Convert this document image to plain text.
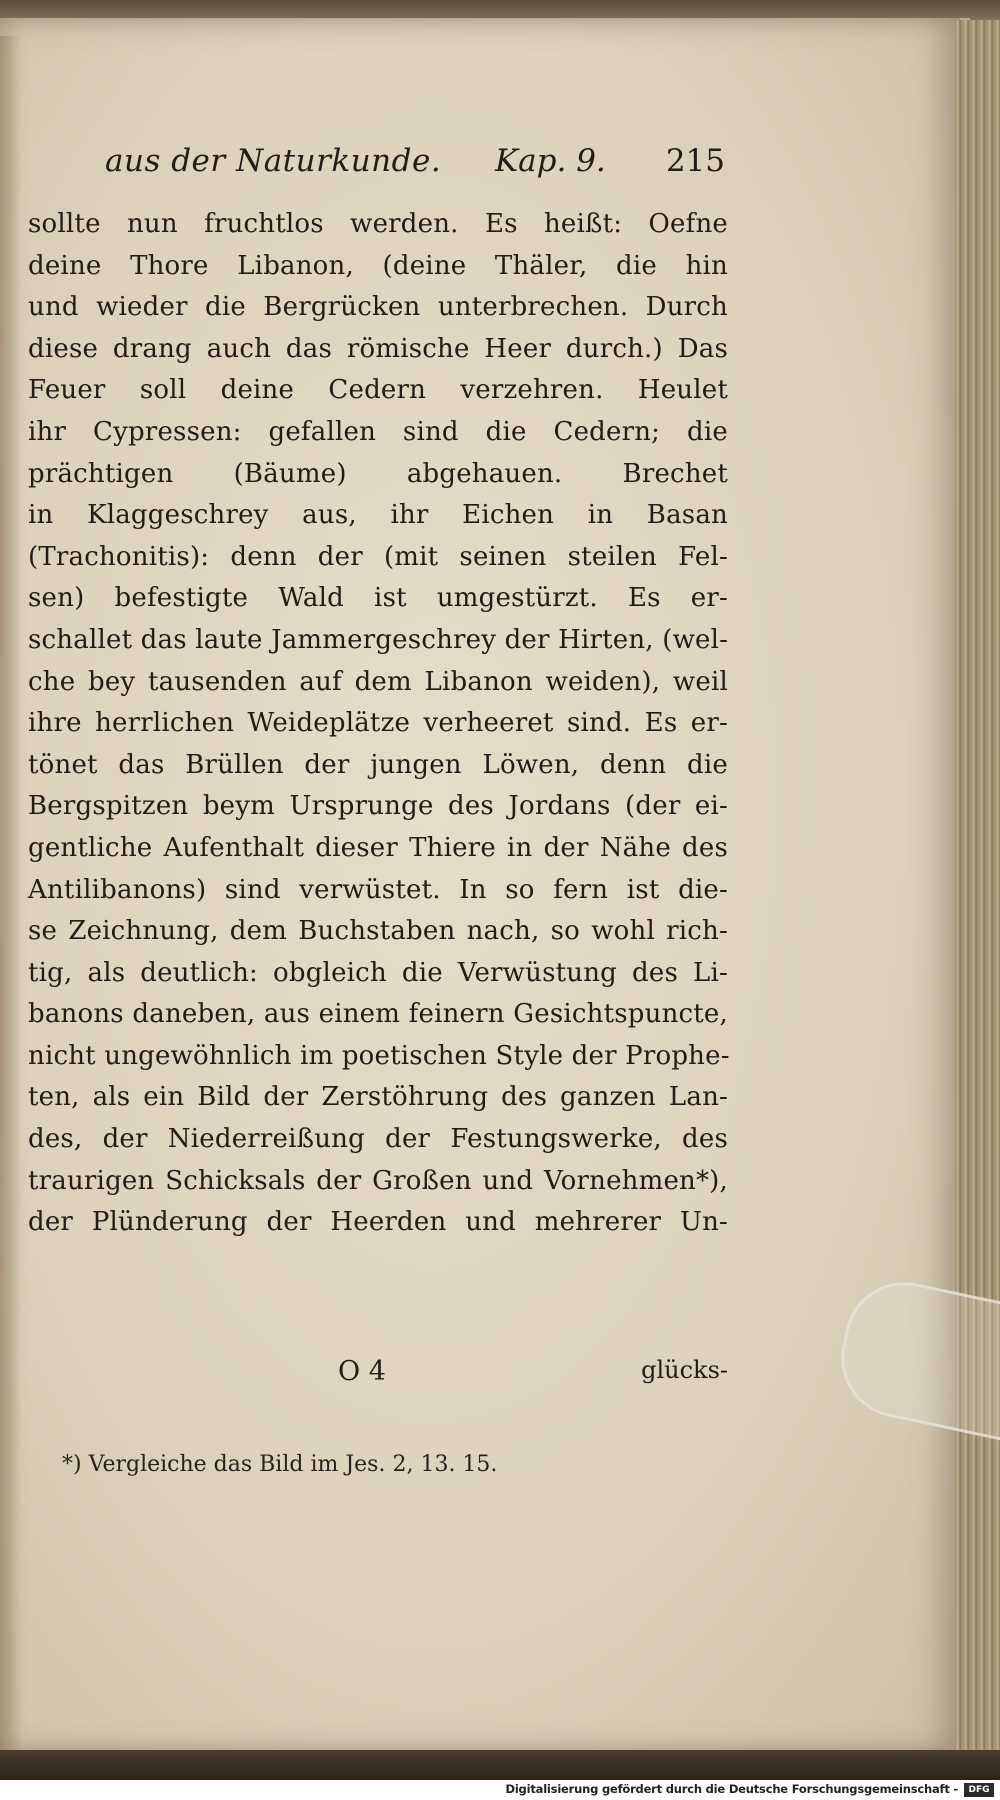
aus der Naturkunde. Kap. 9. 215
sollte nun fruchtlos werden. Es heißt: Oefne
deine Thore Libanon, (deine Thäler, die hin
und wieder die Bergrücken unterbrechen. Durch
diese drang auch das römische Heer durch.) Das
Feuer soll deine Cedern verzehren. Heulet
ihr Cypressen: gefallen sind die Cedern; die
prächtigen (Bäume) abgehauen. Brechet
in Klaggeschrey aus, ihr Eichen in Basan
(Trachonitis): denn der (mit seinen steilen Fel-
sen) befestigte Wald ist umgestürzt. Es er-
schallet das laute Jammergeschrey der Hirten, (wel-
che bey tausenden auf dem Libanon weiden), weil
ihre herrlichen Weideplätze verheeret sind. Es er-
tönet das Brüllen der jungen Löwen, denn die
Bergspitzen beym Ursprunge des Jordans (der ei-
gentliche Aufenthalt dieser Thiere in der Nähe des
Antilibanons) sind verwüstet. In so fern ist die-
se Zeichnung, dem Buchstaben nach, so wohl rich-
tig, als deutlich: obgleich die Verwüstung des Li-
banons daneben, aus einem feinern Gesichtspuncte,
nicht ungewöhnlich im poetischen Style der Prophe-
ten, als ein Bild der Zerstöhrung des ganzen Lan-
des, der Niederreißung der Festungswerke, des
traurigen Schicksals der Großen und Vornehmen*),
der Plünderung der Heerden und mehrerer Un-
O 4	glücks-
*) Vergleiche das Bild im Jes. 2, 13. 15.
Digitalisierung gefördert durch die Deutsche Forschungsgemeinschaft -	DFG
